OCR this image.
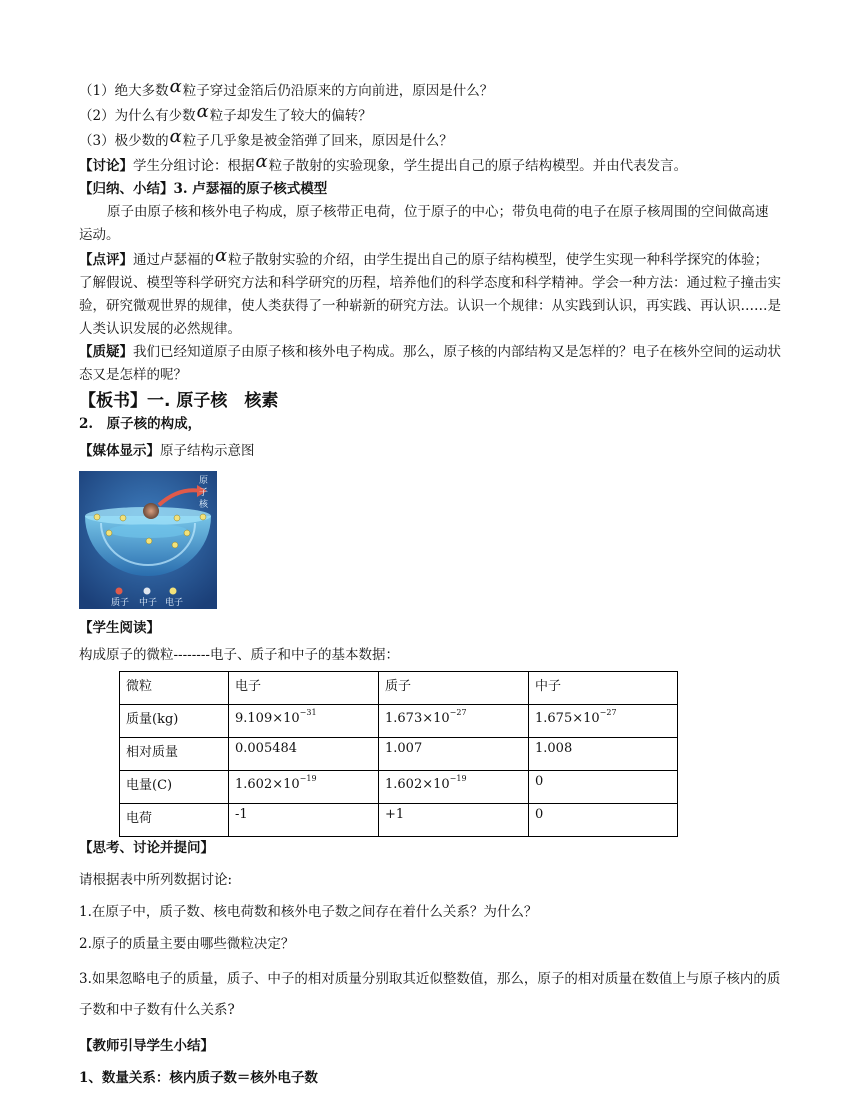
（1）绝大多数α粒子穿过金箔后仍沿原来的方向前进，原因是什么？

（2）为什么有少数α粒子却发生了较大的偏转？

（3）极少数的α粒子几乎象是被金箔弹了回来，原因是什么？

【讨论】学生分组讨论：根据α粒子散射的实验现象，学生提出自己的原子结构模型。并由代表发言。

【归纳、小结】3. 卢瑟福的原子核式模型

原子由原子核和核外电子构成，原子核带正电荷，位于原子的中心；带负电荷的电子在原子核周围的空间做高速运动。

【点评】通过卢瑟福的α粒子散射实验的介绍，由学生提出自己的原子结构模型，使学生实现一种科学探究的体验；了解假说、模型等科学研究方法和科学研究的历程，培养他们的科学态度和科学精神。学会一种方法：通过粒子撞击实验，研究微观世界的规律，使人类获得了一种崭新的研究方法。认识一个规律：从实践到认识，再实践、再认识……是人类认识发展的必然规律。

【质疑】我们已经知道原子由原子核和核外电子构成。那么，原子核的内部结构又是怎样的？电子在核外空间的运动状态又是怎样的呢？

【板书】一. 原子核　核素

2.　原子核的构成，

【媒体显示】原子结构示意图

原
子
核
质子 中子 电子

【学生阅读】

构成原子的微粒--------电子、质子和中子的基本数据：

微粒	电子	质子	中子
质量(kg)	$9.109\times 10^{-31}$	$1.673\times 10^{-27}$	$1.675\times 10^{-27}$
相对质量	0.005484	1.007	1.008
电量(C)	$1.602\times 10^{-19}$	$1.602\times 10^{-19}$	0
电荷	-1	+1	0

【思考、讨论并提问】

请根据表中所列数据讨论:

1.在原子中，质子数、核电荷数和核外电子数之间存在着什么关系？为什么？

2.原子的质量主要由哪些微粒决定？

3.如果忽略电子的质量，质子、中子的相对质量分别取其近似整数值，那么，原子的相对质量在数值上与原子核内的质子数和中子数有什么关系?

【教师引导学生小结】

1、数量关系：核内质子数＝核外电子数
